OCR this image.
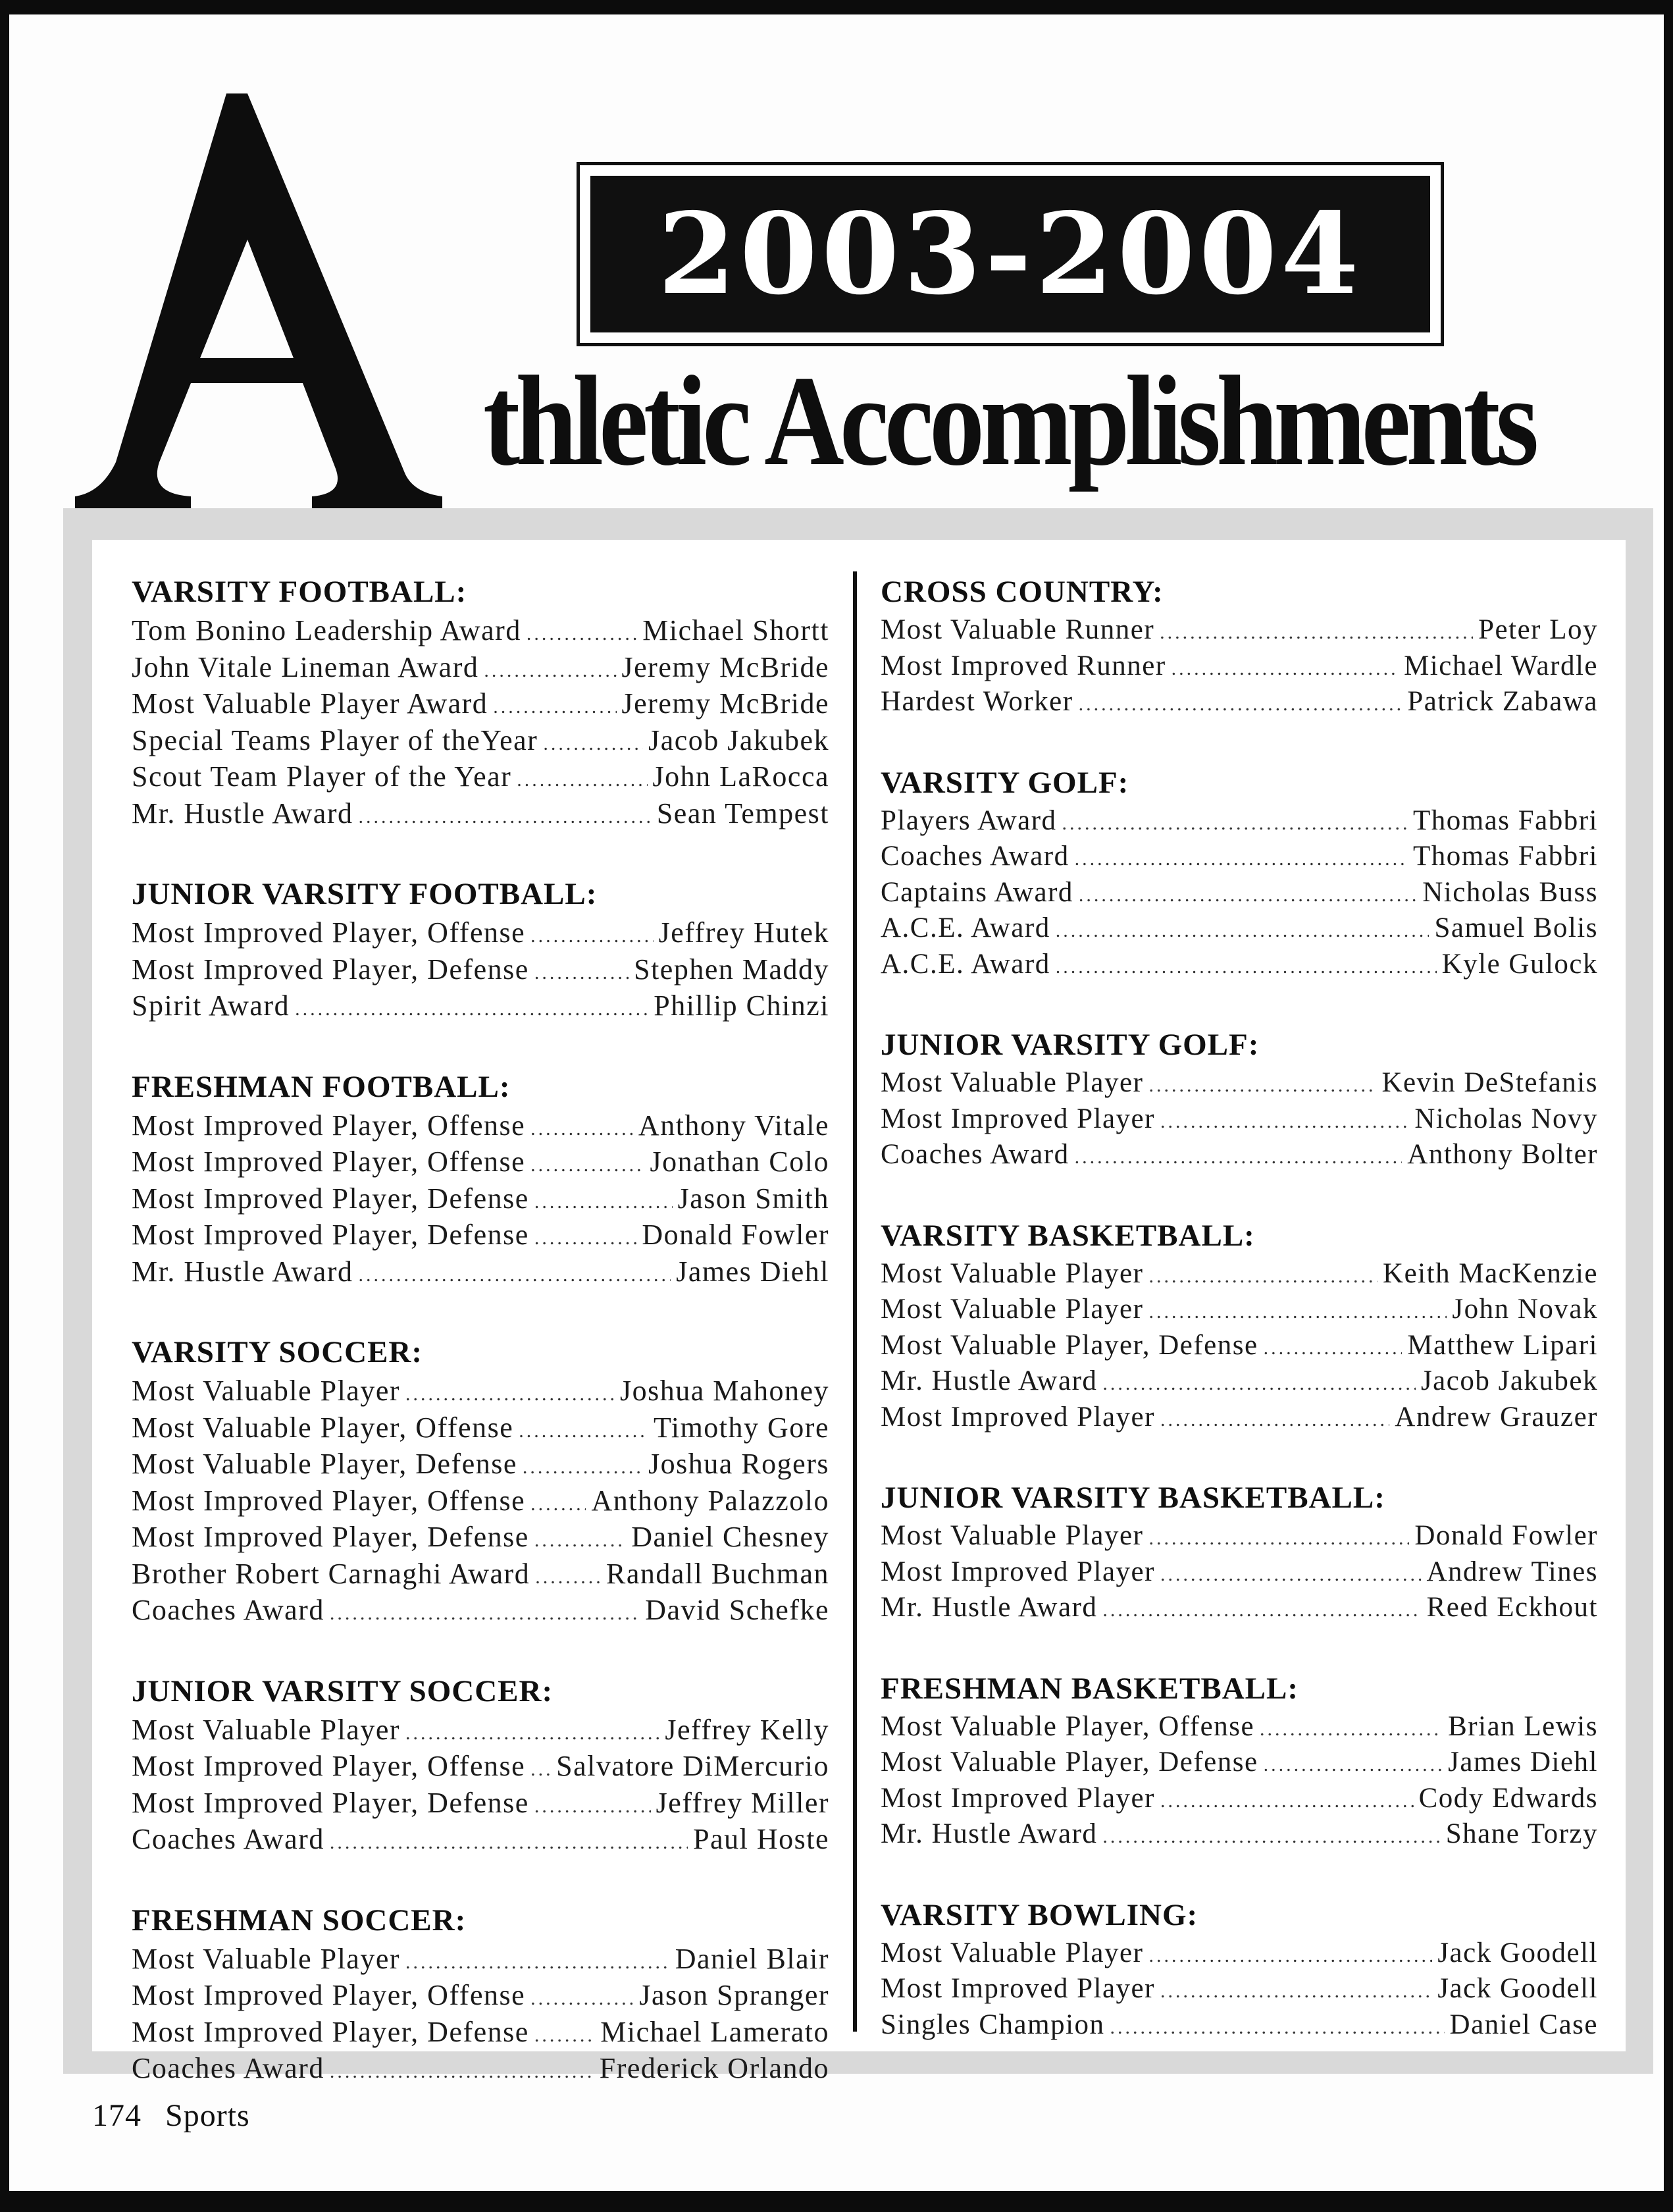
2003-2004
thletic Accomplishments
VARSITY FOOTBALL:
Tom Bonino Leadership Award .....	Michael Shortt
John Vitale Lineman Award .....	Jeremy McBride
Most Valuable Player Award .....	Jeremy McBride
Special Teams Player of theYear .....	Jacob Jakubek
Scout Team Player of the Year .....	John LaRocca
Mr. Hustle Award .....	Sean Tempest
JUNIOR VARSITY FOOTBALL:
Most Improved Player, Offense .....	Jeffrey Hutek
Most Improved Player, Defense .....	Stephen Maddy
Spirit Award .....	Phillip Chinzi
FRESHMAN FOOTBALL:
Most Improved Player, Offense .....	Anthony Vitale
Most Improved Player, Offense .....	Jonathan Colo
Most Improved Player, Defense .....	Jason Smith
Most Improved Player, Defense .....	Donald Fowler
Mr. Hustle Award .....	James Diehl
VARSITY SOCCER:
Most Valuable Player .....	Joshua Mahoney
Most Valuable Player, Offense .....	Timothy Gore
Most Valuable Player, Defense .....	Joshua Rogers
Most Improved Player, Offense ..... Anthony Palazzolo
Most Improved Player, Defense .....	Daniel Chesney
Brother Robert Carnaghi Award .....	Randall Buchman
Coaches Award .....	David Schefke
JUNIOR VARSITY SOCCER:
Most Valuable Player .....	Jeffrey Kelly
Most Improved Player, Offense ..... Salvatore DiMercurio
Most Improved Player, Defense .....	Jeffrey Miller
Coaches Award .....	Paul Hoste
FRESHMAN SOCCER:
Most Valuable Player .....	Daniel Blair
Most Improved Player, Offense .....	Jason Spranger
Most Improved Player, Defense ..... Michael Lamerato
Coaches Award .....	Frederick Orlando
CROSS COUNTRY:
Most Valuable Runner .....	Peter Loy
Most Improved Runner .....	Michael Wardle
Hardest Worker .....	Patrick Zabawa
VARSITY GOLF:
Players Award .....	Thomas Fabbri
Coaches Award .....	Thomas Fabbri
Captains Award .....	Nicholas Buss
A.C.E. Award .....	Samuel Bolis
A.C.E. Award .....	Kyle Gulock
JUNIOR VARSITY GOLF:
Most Valuable Player .....	Kevin DeStefanis
Most Improved Player .....	Nicholas Novy
Coaches Award .....	Anthony Bolter
VARSITY BASKETBALL:
Most Valuable Player .....	Keith MacKenzie
Most Valuable Player .....	John Novak
Most Valuable Player, Defense .....	Matthew Lipari
Mr. Hustle Award .....	Jacob Jakubek
Most Improved Player .....	Andrew Grauzer
JUNIOR VARSITY BASKETBALL:
Most Valuable Player .....	Donald Fowler
Most Improved Player .....	Andrew Tines
Mr. Hustle Award .....	Reed Eckhout
FRESHMAN BASKETBALL:
Most Valuable Player, Offense .....	Brian Lewis
Most Valuable Player, Defense .....	James Diehl
Most Improved Player .....	Cody Edwards
Mr. Hustle Award .....	Shane Torzy
VARSITY BOWLING:
Most Valuable Player .....	Jack Goodell
Most Improved Player .....	Jack Goodell
Singles Champion .....	Daniel Case
174 Sports
